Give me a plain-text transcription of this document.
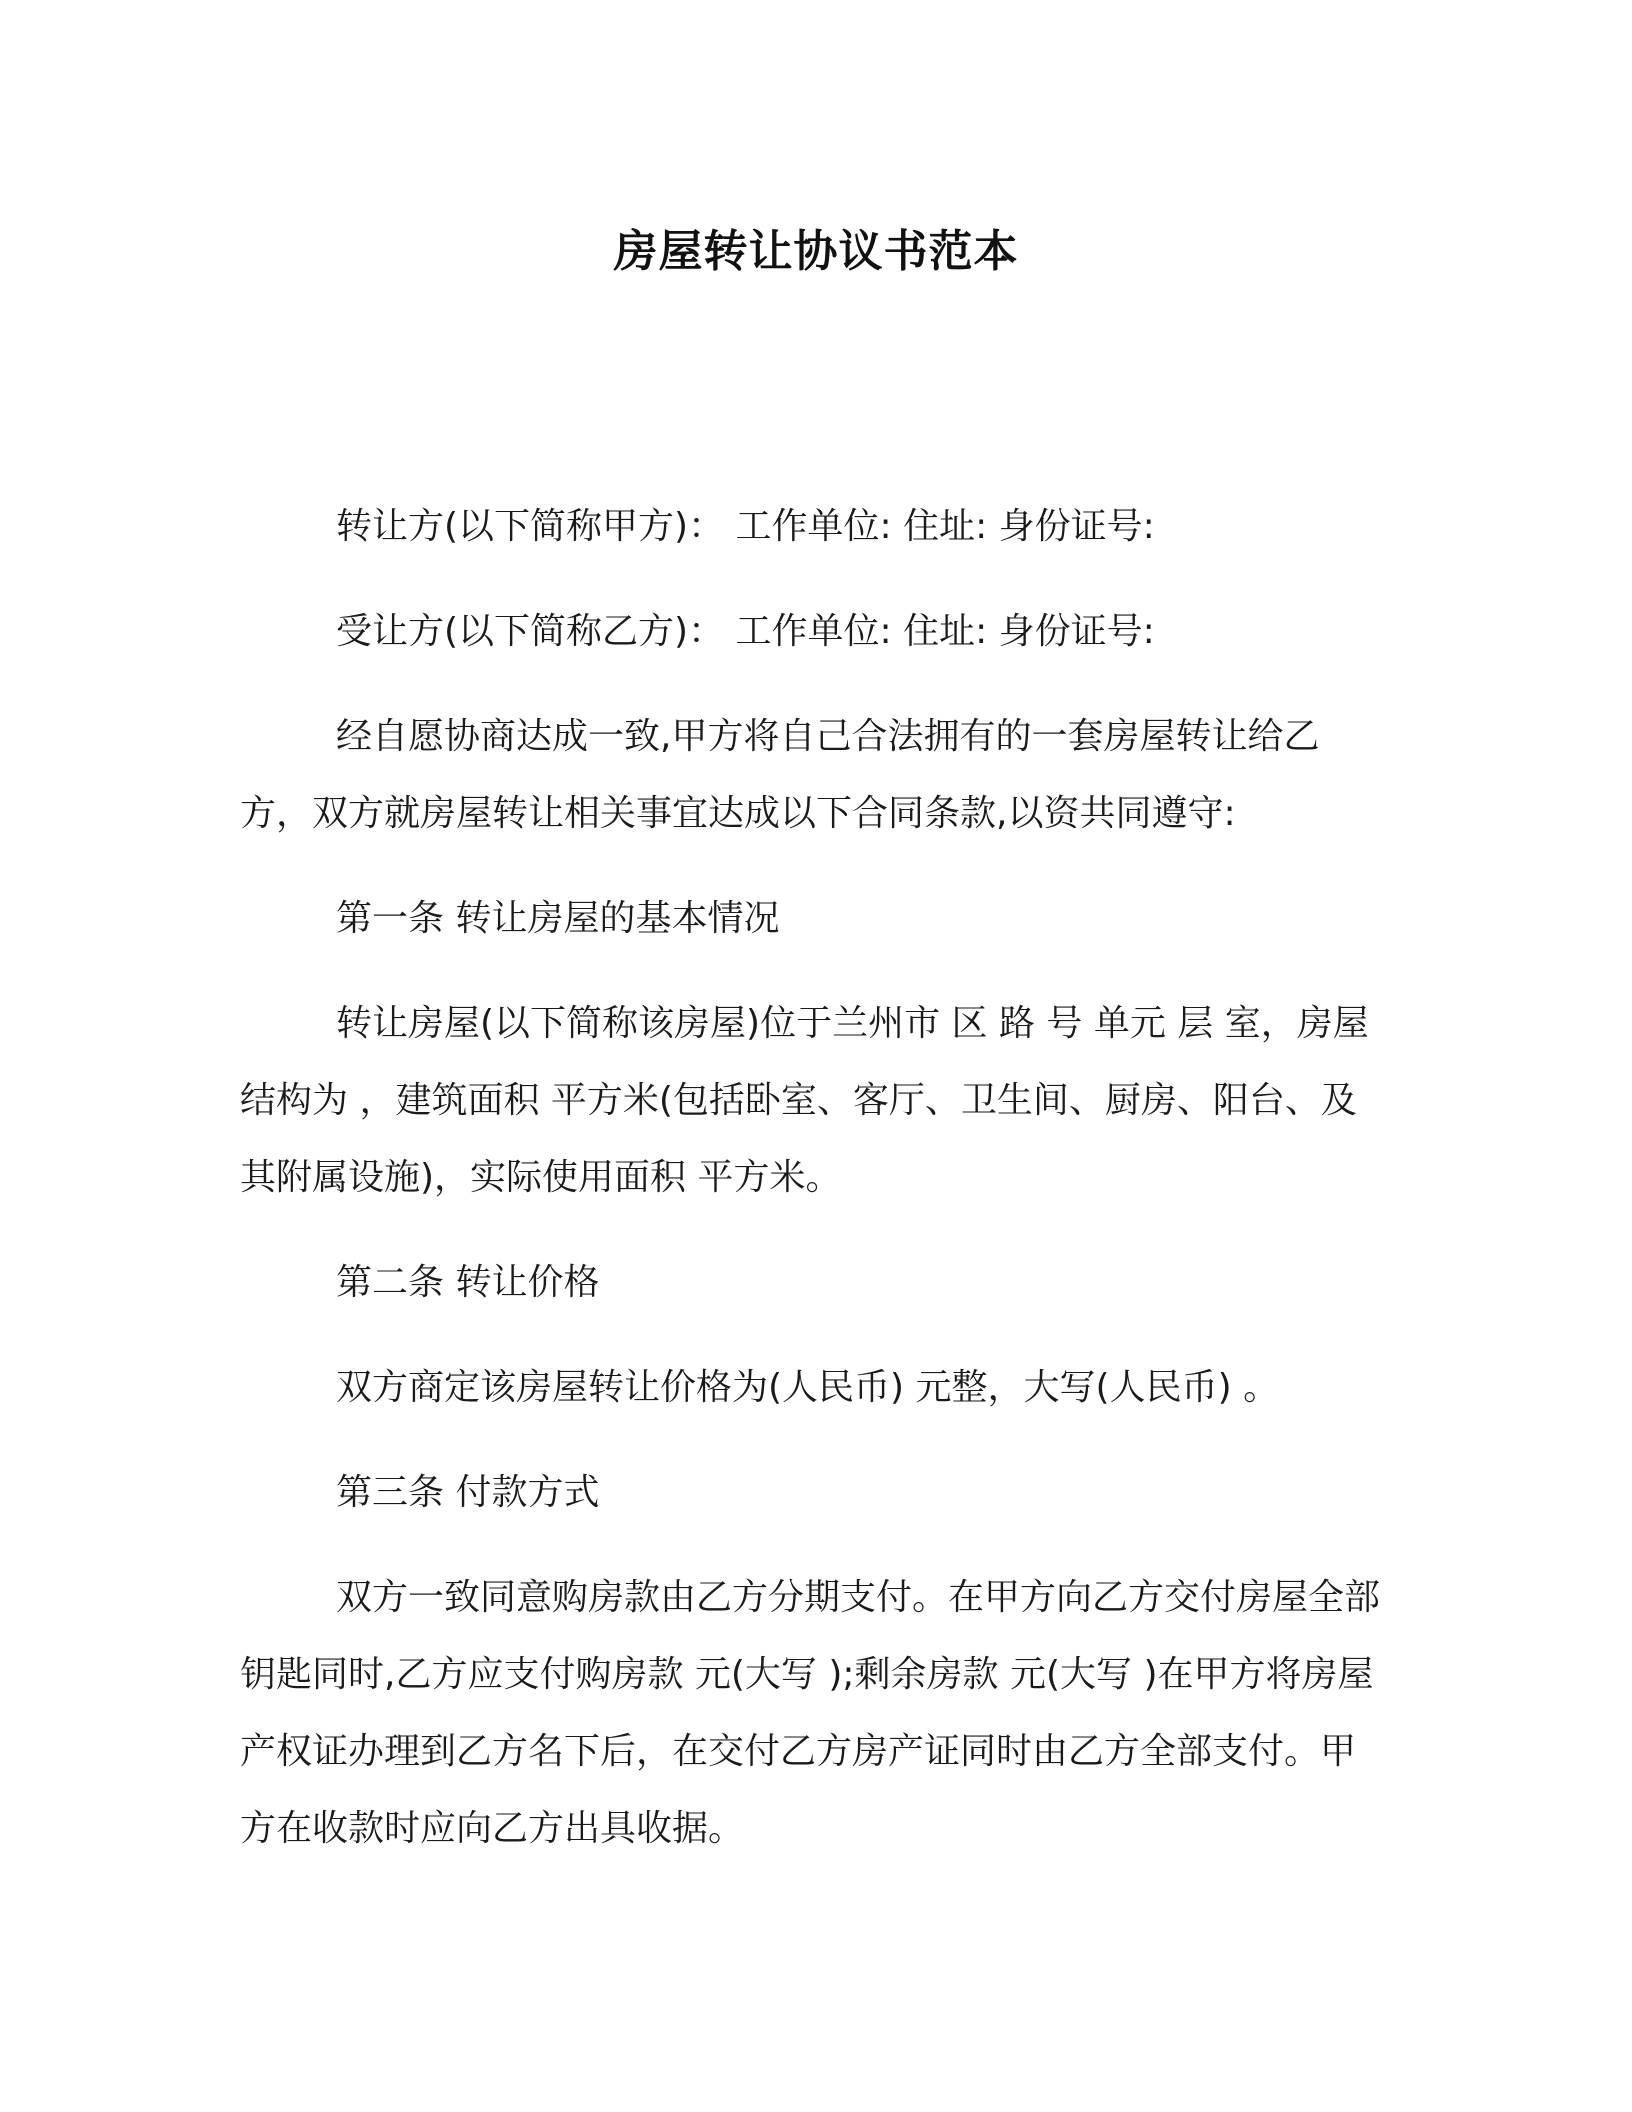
房屋转让协议书范本

转让方(以下简称甲方)： 工作单位: 住址: 身份证号:

受让方(以下简称乙方)： 工作单位: 住址: 身份证号:

经自愿协商达成一致,甲方将自己合法拥有的一套房屋转让给乙方，双方就房屋转让相关事宜达成以下合同条款,以资共同遵守:

第一条 转让房屋的基本情况

转让房屋(以下简称该房屋)位于兰州市 区 路 号 单元 层 室，房屋结构为 ，建筑面积 平方米(包括卧室、客厅、卫生间、厨房、阳台、及其附属设施)，实际使用面积 平方米。

第二条 转让价格

双方商定该房屋转让价格为(人民币) 元整，大写(人民币) 。

第三条 付款方式

双方一致同意购房款由乙方分期支付。在甲方向乙方交付房屋全部钥匙同时,乙方应支付购房款 元(大写 );剩余房款 元(大写 )在甲方将房屋产权证办理到乙方名下后，在交付乙方房产证同时由乙方全部支付。甲方在收款时应向乙方出具收据。
